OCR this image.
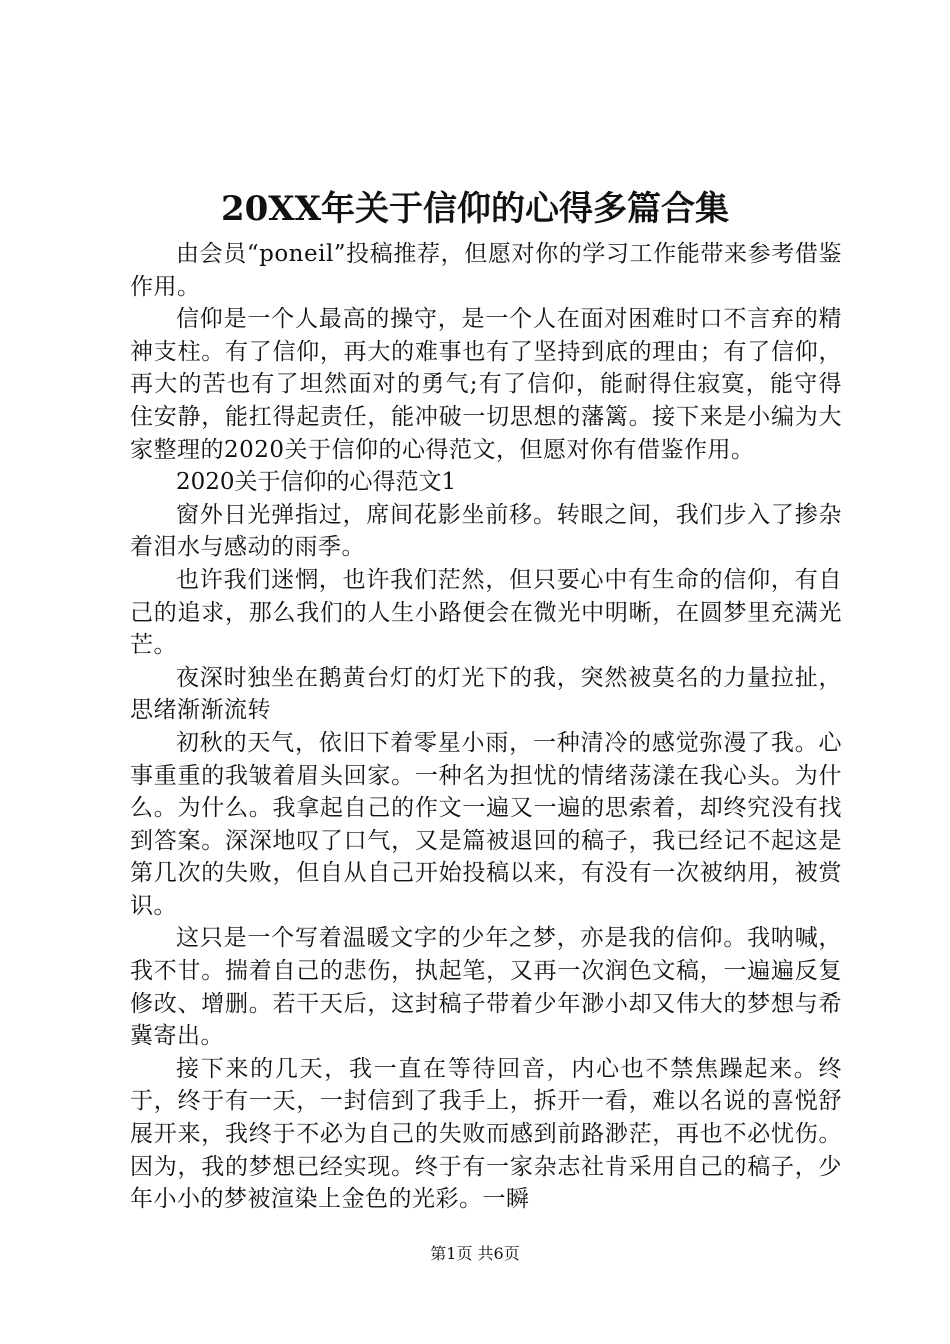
20XX年关于信仰的心得多篇合集

由会员“poneil”投稿推荐，但愿对你的学习工作能带来参考借鉴作用。

信仰是一个人最高的操守，是一个人在面对困难时口不言弃的精神支柱。有了信仰，再大的难事也有了坚持到底的理由；有了信仰，再大的苦也有了坦然面对的勇气;有了信仰，能耐得住寂寞，能守得住安静，能扛得起责任，能冲破一切思想的藩篱。接下来是小编为大家整理的2020关于信仰的心得范文，但愿对你有借鉴作用。

2020关于信仰的心得范文1

窗外日光弹指过，席间花影坐前移。转眼之间，我们步入了掺杂着泪水与感动的雨季。

也许我们迷惘，也许我们茫然，但只要心中有生命的信仰，有自己的追求，那么我们的人生小路便会在微光中明晰，在圆梦里充满光芒。

夜深时独坐在鹅黄台灯的灯光下的我，突然被莫名的力量拉扯，思绪渐渐流转

初秋的天气，依旧下着零星小雨，一种清冷的感觉弥漫了我。心事重重的我皱着眉头回家。一种名为担忧的情绪荡漾在我心头。为什么。为什么。我拿起自己的作文一遍又一遍的思索着，却终究没有找到答案。深深地叹了口气，又是篇被退回的稿子，我已经记不起这是第几次的失败，但自从自己开始投稿以来，有没有一次被纳用，被赏识。

这只是一个写着温暖文字的少年之梦，亦是我的信仰。我呐喊，我不甘。揣着自己的悲伤，执起笔，又再一次润色文稿，一遍遍反复修改、增删。若干天后，这封稿子带着少年渺小却又伟大的梦想与希冀寄出。

接下来的几天，我一直在等待回音，内心也不禁焦躁起来。终于，终于有一天，一封信到了我手上，拆开一看，难以名说的喜悦舒展开来，我终于不必为自己的失败而感到前路渺茫，再也不必忧伤。因为，我的梦想已经实现。终于有一家杂志社肯采用自己的稿子，少年小小的梦被渲染上金色的光彩。一瞬

第1页 共6页
